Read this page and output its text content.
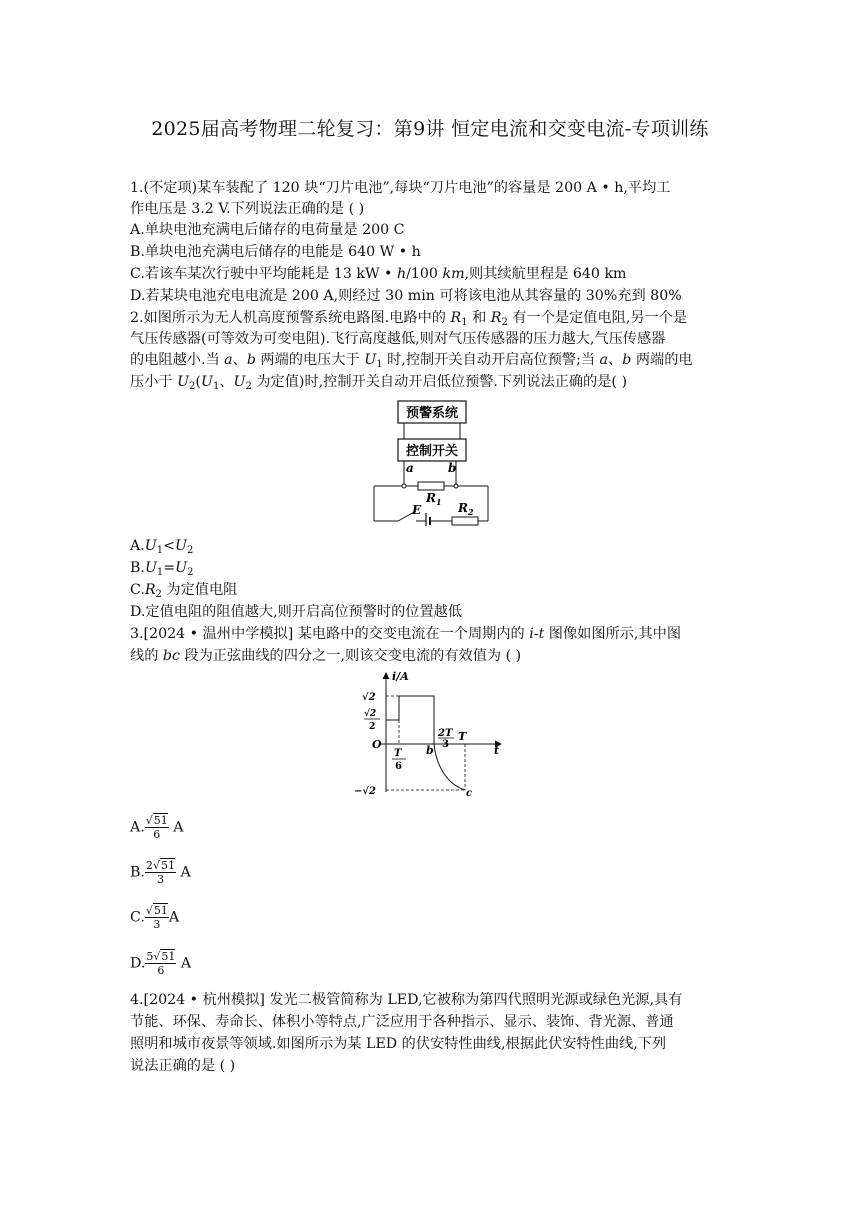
2025届高考物理二轮复习：第9讲 恒定电流和交变电流-专项训练
1.(不定项)某车装配了 120 块“刀片电池”,每块“刀片电池”的容量是 200 A • h,平均工
作电压是 3.2 V.下列说法正确的是 ( )
A.单块电池充满电后储存的电荷量是 200 C
B.单块电池充满电后储存的电能是 640 W • h
C.若该车某次行驶中平均能耗是 13 kW • h/100 km,则其续航里程是 640 km
D.若某块电池充电电流是 200 A,则经过 30 min 可将该电池从其容量的 30%充到 80%
2.如图所示为无人机高度预警系统电路图.电路中的 $R_1$ 和 $R_2$ 有一个是定值电阻,另一个是
气压传感器(可等效为可变电阻).飞行高度越低,则对气压传感器的压力越大,气压传感器
的电阻越小.当 a、b 两端的电压大于 $U_1$ 时,控制开关自动开启高位预警;当 a、b 两端的电
压小于 $U_2(U_1$、$U_2$ 为定值)时,控制开关自动开启低位预警.下列说法正确的是( )
预警系统
控制开关
a	b
$R_1$
E	$R_2$
$A.U_1<U_2$
$B.U_1=U_2$
$C.R_2$ 为定值电阻
D.定值电阻的阻值越大,则开启高位预警时的位置越低
3.[2024 • 温州中学模拟] 某电路中的交变电流在一个周期内的 i-t 图像如图所示,其中图
线的 bc 段为正弦曲线的四分之一,则该交变电流的有效值为 ( )
i/A
t
O
√2
√2
2
−√2
T
6
b
2T
3
T
c
A. $\frac{√51}{6}$ A
B. $\frac{2√51}{3}$ A
C. $\frac{√51}{3}$ A
D. $\frac{5√51}{6}$ A
4.[2024 • 杭州模拟] 发光二极管简称为 LED,它被称为第四代照明光源或绿色光源,具有
节能、环保、寿命长、体积小等特点,广泛应用于各种指示、显示、装饰、背光源、普通
照明和城市夜景等领域.如图所示为某 LED 的伏安特性曲线,根据此伏安特性曲线,下列
说法正确的是 ( )
